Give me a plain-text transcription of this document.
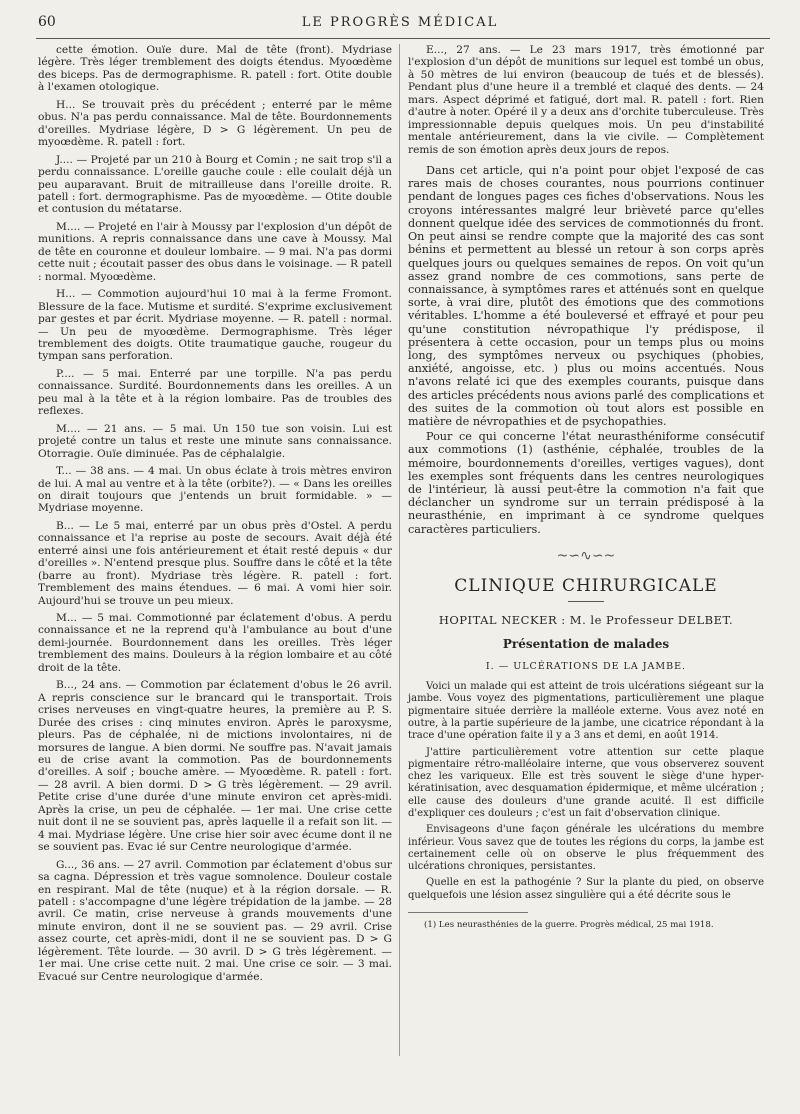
60	LE PROGRÈS MÉDICAL

cette émotion. Ouïe dure. Mal de tête (front). Mydriase légère. Très léger tremblement des doigts étendus. Myoœdème des biceps. Pas de dermographisme. R. patell : fort. Otite double à l'examen otologique.

H... Se trouvait près du précédent ; enterré par le même obus. N'a pas perdu connaissance. Mal de tête. Bourdonnements d'oreilles. Mydriase légère, D > G légèrement. Un peu de myoœdème. R. patell : fort.

J.... — Projeté par un 210 à Bourg et Comin ; ne sait trop s'il a perdu connaissance. L'oreille gauche coule : elle coulait déjà un peu auparavant. Bruit de mitrailleuse dans l'oreille droite. R. patell : fort. dermographisme. Pas de myoœdème. — Otite double et contusion du métatarse.

M.... — Projeté en l'air à Moussy par l'explosion d'un dépôt de munitions. A repris connaissance dans une cave à Moussy. Mal de tête en couronne et douleur lombaire. — 9 mai. N'a pas dormi cette nuit ; écoutait passer des obus dans le voisinage. — R patell : normal. Myoœdème.

H... — Commotion aujourd'hui 10 mai à la ferme Fromont. Blessure de la face. Mutisme et surdité. S'exprime exclusivement par gestes et par écrit. Mydriase moyenne. — R. patell : normal. — Un peu de myoœdème. Dermographisme. Très léger tremblement des doigts. Otite traumatique gauche, rougeur du tympan sans perforation.

P.... — 5 mai. Enterré par une torpille. N'a pas perdu connaissance. Surdité. Bourdonnements dans les oreilles. A un peu mal à la tête et à la région lombaire. Pas de troubles des reflexes.

M.... — 21 ans. — 5 mai. Un 150 tue son voisin. Lui est projeté contre un talus et reste une minute sans connaissance. Otorragie. Ouïe diminuée. Pas de céphalalgie.

T... — 38 ans. — 4 mai. Un obus éclate à trois mètres environ de lui. A mal au ventre et à la tête (orbite?). — « Dans les oreilles on dirait toujours que j'entends un bruit formidable. » — Mydriase moyenne.

B... — Le 5 mai, enterré par un obus près d'Ostel. A perdu connaissance et l'a reprise au poste de secours. Avait déjà été enterré ainsi une fois antérieurement et était resté depuis « dur d'oreilles ». N'entend presque plus. Souffre dans le côté et la tête (barre au front). Mydriase très légère. R. patell : fort. Tremblement des mains étendues. — 6 mai. A vomi hier soir. Aujourd'hui se trouve un peu mieux.

M... — 5 mai. Commotionné par éclatement d'obus. A perdu connaissance et ne la reprend qu'à l'ambulance au bout d'une demi-journée. Bourdonnement dans les oreilles. Très léger tremblement des mains. Douleurs à la région lombaire et au côté droit de la tête.

B..., 24 ans. — Commotion par éclatement d'obus le 26 avril. A repris conscience sur le brancard qui le transportait. Trois crises nerveuses en vingt-quatre heures, la première au P. S. Durée des crises : cinq minutes environ. Après le paroxysme, pleurs. Pas de céphalée, ni de mictions involontaires, ni de morsures de langue. A bien dormi. Ne souffre pas. N'avait jamais eu de crise avant la commotion. Pas de bourdonnements d'oreilles. A soif ; bouche amère. — Myoœdème. R. patell : fort. — 28 avril. A bien dormi. D > G très légèrement. — 29 avril. Petite crise d'une durée d'une minute environ cet après-midi. Après la crise, un peu de céphalée. — 1er mai. Une crise cette nuit dont il ne se souvient pas, après laquelle il a refait son lit. — 4 mai. Mydriase légère. Une crise hier soir avec écume dont il ne se souvient pas. Evac ié sur Centre neurologique d'armée.

G..., 36 ans. — 27 avril. Commotion par éclatement d'obus sur sa cagna. Dépression et très vague somnolence. Douleur costale en respirant. Mal de tête (nuque) et à la région dorsale. — R. patell : s'accompagne d'une légère trépidation de la jambe. — 28 avril. Ce matin, crise nerveuse à grands mouvements d'une minute environ, dont il ne se souvient pas. — 29 avril. Crise assez courte, cet après-midi, dont il ne se souvient pas. D > G légèrement. Tête lourde. — 30 avril. D > G très légèrement. — 1er mai. Une crise cette nuit. 2 mai. Une crise ce soir. — 3 mai. Evacué sur Centre neurologique d'armée.

E..., 27 ans. — Le 23 mars 1917, très émotionné par l'explosion d'un dépôt de munitions sur lequel est tombé un obus, à 50 mètres de lui environ (beaucoup de tués et de blessés). Pendant plus d'une heure il a tremblé et claqué des dents. — 24 mars. Aspect déprimé et fatigué, dort mal. R. patell : fort. Rien d'autre à noter. Opéré il y a deux ans d'orchite tuberculeuse. Très impressionnable depuis quelques mois. Un peu d'instabilité mentale antérieurement, dans la vie civile. — Complètement remis de son émotion après deux jours de repos.

Dans cet article, qui n'a point pour objet l'exposé de cas rares mais de choses courantes, nous pourrions continuer pendant de longues pages ces fiches d'observations. Nous les croyons intéressantes malgré leur brièveté parce qu'elles donnent quelque idée des services de commotionnés du front. On peut ainsi se rendre compte que la majorité des cas sont bénins et permettent au blessé un retour à son corps après quelques jours ou quelques semaines de repos. On voit qu'un assez grand nombre de ces commotions, sans perte de connaissance, à symptômes rares et atténués sont en quelque sorte, à vrai dire, plutôt des émotions que des commotions véritables. L'homme a été bouleversé et effrayé et pour peu qu'une constitution névropathique l'y prédispose, il présentera à cette occasion, pour un temps plus ou moins long, des symptômes nerveux ou psychiques (phobies, anxiété, angoisse, etc. ) plus ou moins accentués. Nous n'avons relaté ici que des exemples courants, puisque dans des articles précédents nous avions parlé des complications et des suites de la commotion où tout alors est possible en matière de névropathies et de psychopathies.

Pour ce qui concerne l'état neurasthéniforme consécutif aux commotions (1) (asthénie, céphalée, troubles de la mémoire, bourdonnements d'oreilles, vertiges vagues), dont les exemples sont fréquents dans les centres neurologiques de l'intérieur, là aussi peut-être la commotion n'a fait que déclancher un syndrome sur un terrain prédisposé à la neurasthénie, en imprimant à ce syndrome quelques caractères particuliers.

~∽∿∽~
CLINIQUE CHIRURGICALE
HOPITAL NECKER : M. le Professeur DELBET.
Présentation de malades
I. — ULCÉRATIONS DE LA JAMBE.

Voici un malade qui est atteint de trois ulcérations siégeant sur la jambe. Vous voyez des pigmentations, particulièrement une plaque pigmentaire située derrière la malléole externe. Vous avez noté en outre, à la partie supérieure de la jambe, une cicatrice répondant à la trace d'une opération faite il y a 3 ans et demi, en août 1914.

J'attire particulièrement votre attention sur cette plaque pigmentaire rétro-malléolaire interne, que vous observerez souvent chez les variqueux. Elle est très souvent le siège d'une hyper-kératinisation, avec desquamation épidermique, et même ulcération ; elle cause des douleurs d'une grande acuité. Il est difficile d'expliquer ces douleurs ; c'est un fait d'observation clinique.

Envisageons d'une façon générale les ulcérations du membre inférieur. Vous savez que de toutes les régions du corps, la jambe est certainement celle où on observe le plus fréquemment des ulcérations chroniques, persistantes.

Quelle en est la pathogénie ? Sur la plante du pied, on observe quelquefois une lésion assez singulière qui a été décrite sous le

(1) Les neurasthénies de la guerre. Progrès médical, 25 mai 1918.
